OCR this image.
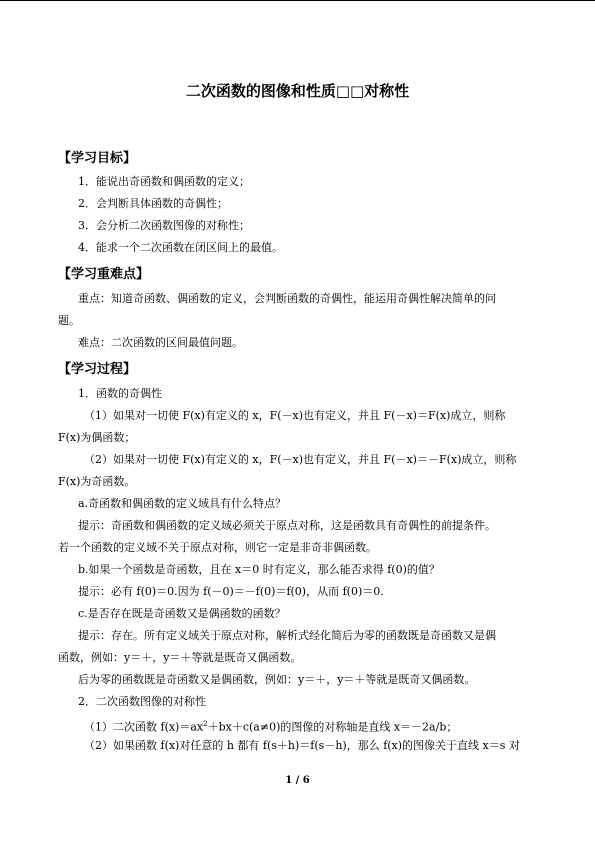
二次函数的图像和性质□□对称性
【学习目标】
1．能说出奇函数和偶函数的定义；
2．会判断具体函数的奇偶性；
3．会分析二次函数图像的对称性；
4．能求一个二次函数在闭区间上的最值。
【学习重难点】
重点：知道奇函数、偶函数的定义，会判断函数的奇偶性，能运用奇偶性解决简单的问
题。
难点：二次函数的区间最值问题。
【学习过程】
1．函数的奇偶性
（1）如果对一切使 F(x)有定义的 x，F(－x)也有定义，并且 F(－x)＝F(x)成立，则称
F(x)为偶函数；
（2）如果对一切使 F(x)有定义的 x，F(－x)也有定义，并且 F(－x)＝－F(x)成立，则称
F(x)为奇函数。
a.奇函数和偶函数的定义域具有什么特点？
提示：奇函数和偶函数的定义域必须关于原点对称，这是函数具有奇偶性的前提条件。
若一个函数的定义域不关于原点对称，则它一定是非奇非偶函数。
b.如果一个函数是奇函数，且在 x＝0 时有定义，那么能否求得 f(0)的值？
提示：必有 f(0)＝0.因为 f(－0)＝－f(0)＝f(0)，从而 f(0)＝0.
c.是否存在既是奇函数又是偶函数的函数？
提示：存在。所有定义域关于原点对称，解析式经化简后为零的函数既是奇函数又是偶
函数，例如：y＝＋，y＝＋等就是既奇又偶函数。
后为零的函数既是奇函数又是偶函数，例如：y＝＋，y＝＋等就是既奇又偶函数。
2．二次函数图像的对称性
（1）二次函数 $f(x)=ax^2+bx+c(a\ne 0)$的图像的对称轴是直线 x＝－2a/b；
（2）如果函数 f(x)对任意的 h 都有 f(s＋h)＝f(s－h)，那么 f(x)的图像关于直线 x＝s 对
1 / 6
